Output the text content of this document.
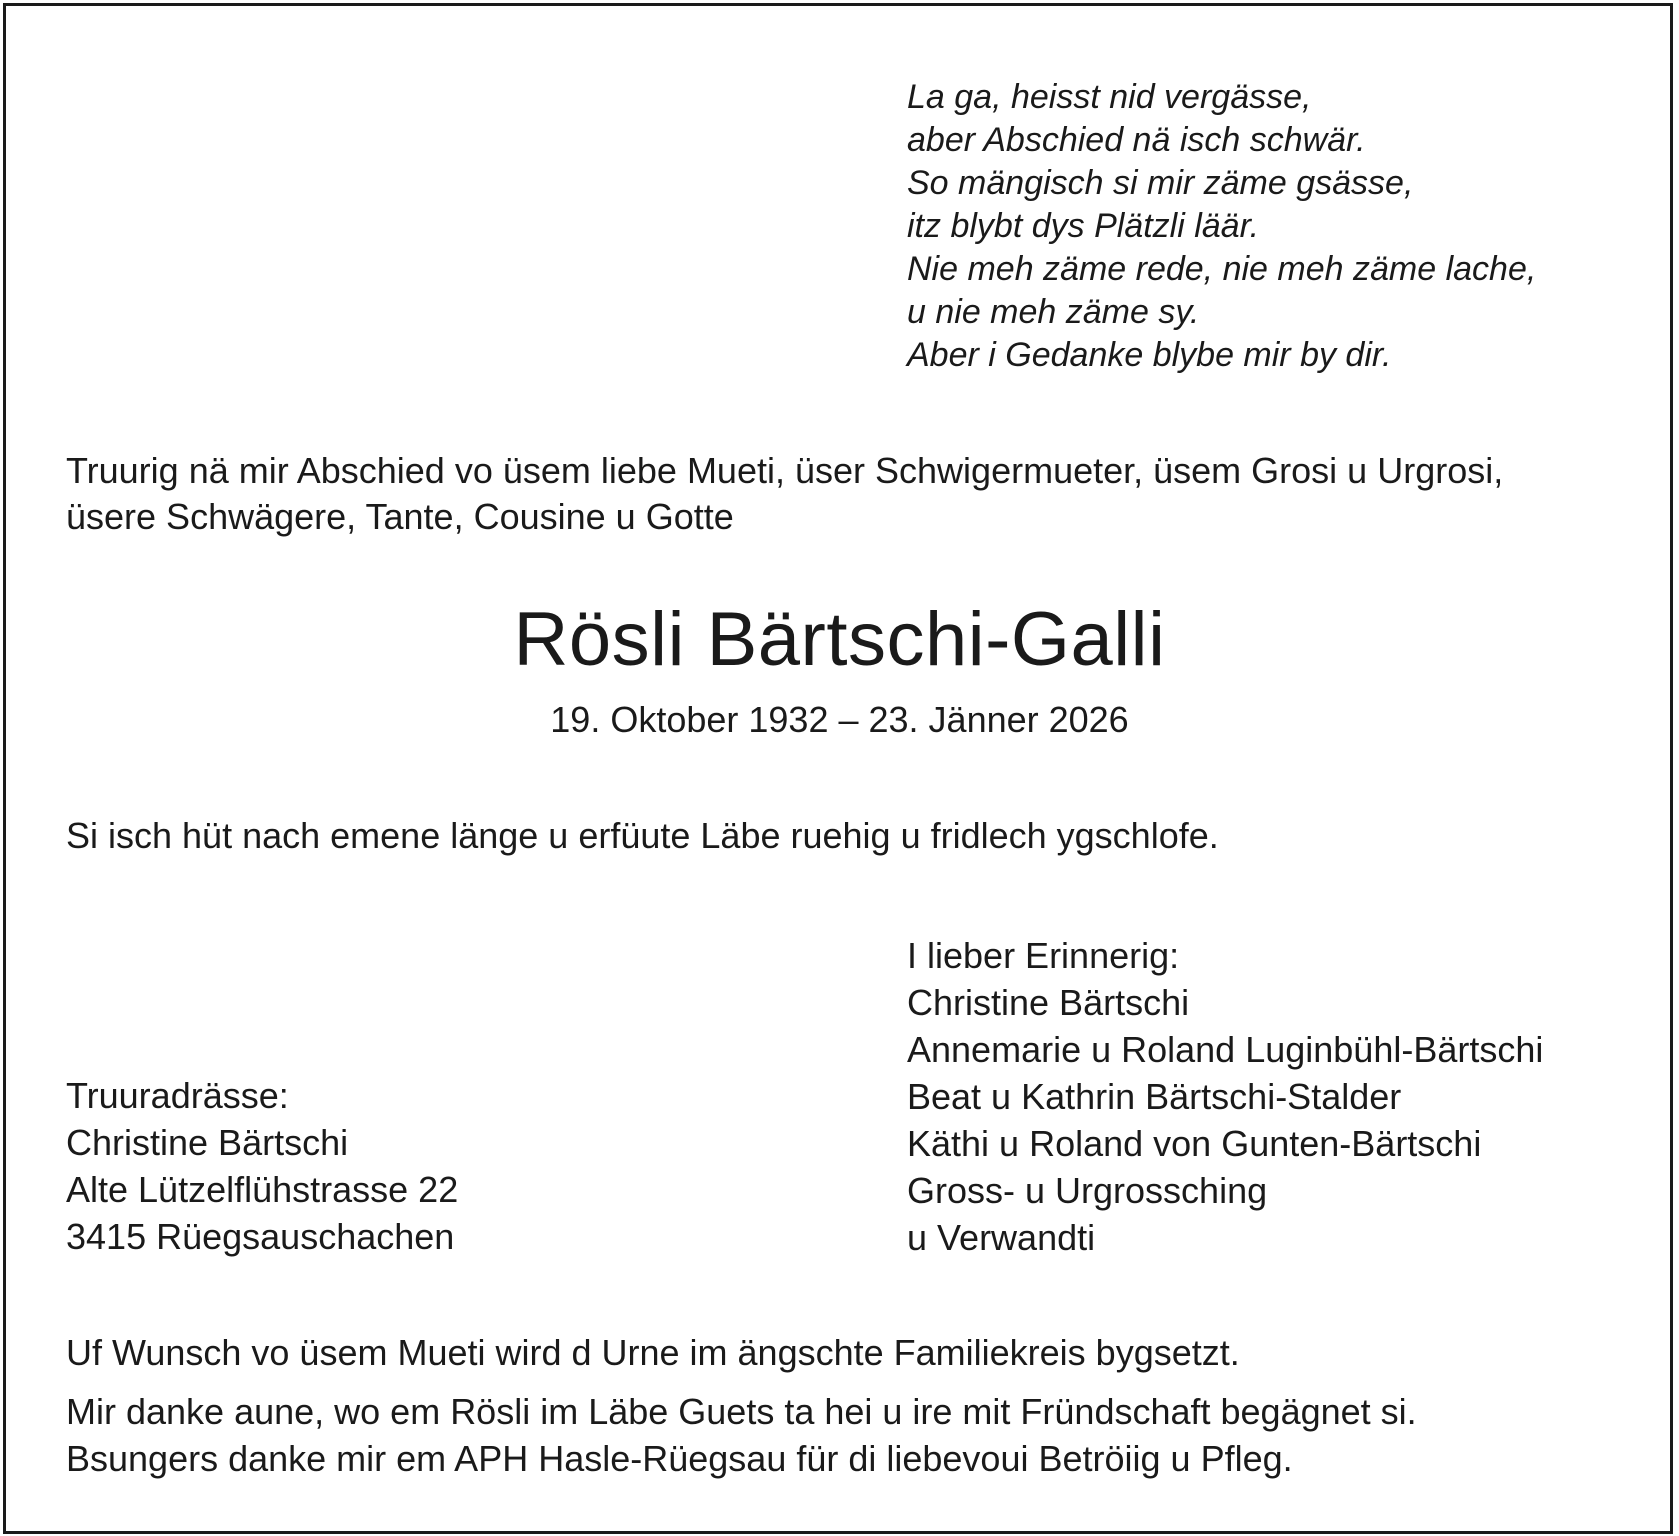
La ga, heisst nid vergässe,
aber Abschied nä isch schwär.
So mängisch si mir zäme gsässe,
itz blybt dys Plätzli läär.
Nie meh zäme rede, nie meh zäme lache,
u nie meh zäme sy.
Aber i Gedanke blybe mir by dir.
Truurig nä mir Abschied vo üsem liebe Mueti, üser Schwigermueter, üsem Grosi u Urgrosi,
üsere Schwägere, Tante, Cousine u Gotte
Rösli Bärtschi-Galli
19. Oktober 1932 – 23. Jänner 2026
Si isch hüt nach emene länge u erfüute Läbe ruehig u fridlech ygschlofe.
I lieber Erinnerig:
Christine Bärtschi
Annemarie u Roland Luginbühl-Bärtschi
Beat u Kathrin Bärtschi-Stalder
Käthi u Roland von Gunten-Bärtschi
Gross- u Urgrossching
u Verwandti
Truuradrässe:
Christine Bärtschi
Alte Lützelflühstrasse 22
3415 Rüegsauschachen
Uf Wunsch vo üsem Mueti wird d Urne im ängschte Familiekreis bygsetzt.
Mir danke aune, wo em Rösli im Läbe Guets ta hei u ire mit Fründschaft begägnet si.
Bsungers danke mir em APH Hasle-Rüegsau für di liebevoui Betröiig u Pfleg.
